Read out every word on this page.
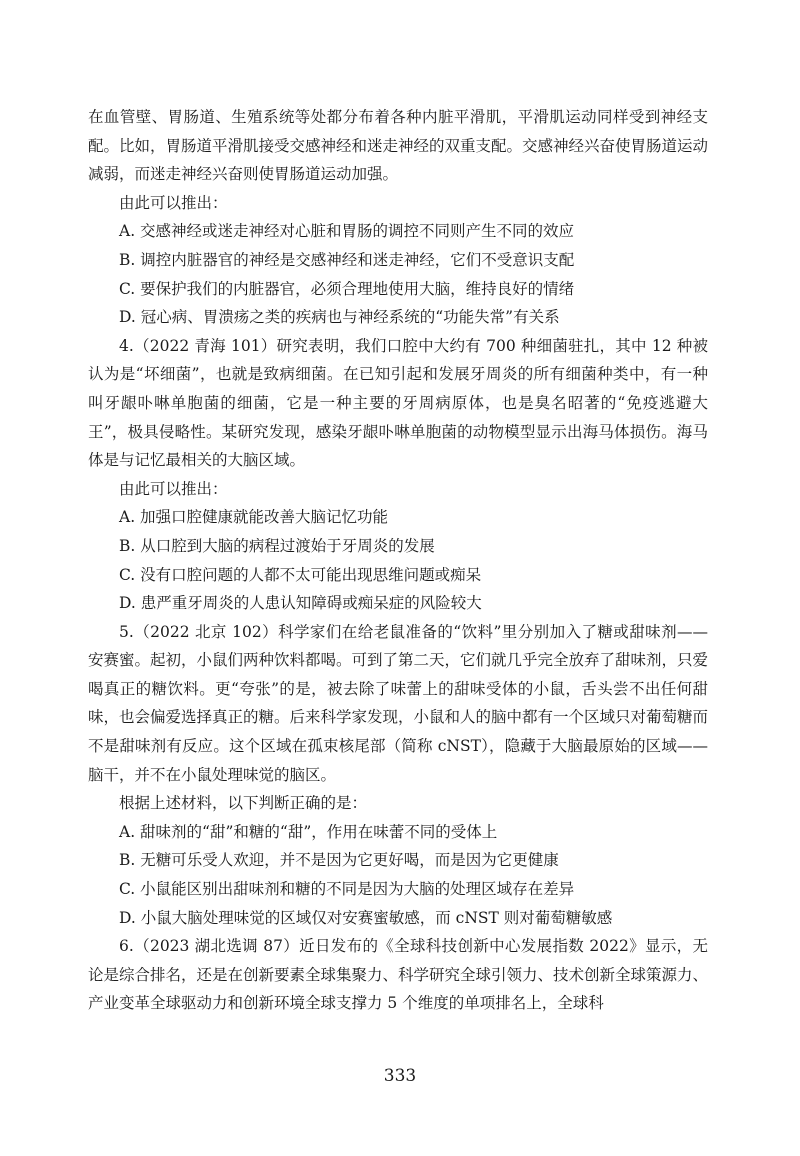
在血管壁、胃肠道、生殖系统等处都分布着各种内脏平滑肌，平滑肌运动同样受到神经支配。比如，胃肠道平滑肌接受交感神经和迷走神经的双重支配。交感神经兴奋使胃肠道运动减弱，而迷走神经兴奋则使胃肠道运动加强。

由此可以推出：

A. 交感神经或迷走神经对心脏和胃肠的调控不同则产生不同的效应

B. 调控内脏器官的神经是交感神经和迷走神经，它们不受意识支配

C. 要保护我们的内脏器官，必须合理地使用大脑，维持良好的情绪

D. 冠心病、胃溃疡之类的疾病也与神经系统的“功能失常”有关系

4.（2022 青海 101）研究表明，我们口腔中大约有 700 种细菌驻扎，其中 12 种被认为是“坏细菌”，也就是致病细菌。在已知引起和发展牙周炎的所有细菌种类中，有一种叫牙龈卟啉单胞菌的细菌，它是一种主要的牙周病原体，也是臭名昭著的“免疫逃避大王”，极具侵略性。某研究发现，感染牙龈卟啉单胞菌的动物模型显示出海马体损伤。海马体是与记忆最相关的大脑区域。

由此可以推出：

A. 加强口腔健康就能改善大脑记忆功能

B. 从口腔到大脑的病程过渡始于牙周炎的发展

C. 没有口腔问题的人都不太可能出现思维问题或痴呆

D. 患严重牙周炎的人患认知障碍或痴呆症的风险较大

5.（2022 北京 102）科学家们在给老鼠准备的“饮料”里分别加入了糖或甜味剂——安赛蜜。起初，小鼠们两种饮料都喝。可到了第二天，它们就几乎完全放弃了甜味剂，只爱喝真正的糖饮料。更“夸张”的是，被去除了味蕾上的甜味受体的小鼠，舌头尝不出任何甜味，也会偏爱选择真正的糖。后来科学家发现，小鼠和人的脑中都有一个区域只对葡萄糖而不是甜味剂有反应。这个区域在孤束核尾部（简称 cNST），隐藏于大脑最原始的区域——脑干，并不在小鼠处理味觉的脑区。

根据上述材料，以下判断正确的是：

A. 甜味剂的“甜”和糖的“甜”，作用在味蕾不同的受体上

B. 无糖可乐受人欢迎，并不是因为它更好喝，而是因为它更健康

C. 小鼠能区别出甜味剂和糖的不同是因为大脑的处理区域存在差异

D. 小鼠大脑处理味觉的区域仅对安赛蜜敏感，而 cNST 则对葡萄糖敏感

6.（2023 湖北选调 87）近日发布的《全球科技创新中心发展指数 2022》显示，无论是综合排名，还是在创新要素全球集聚力、科学研究全球引领力、技术创新全球策源力、产业变革全球驱动力和创新环境全球支撑力 5 个维度的单项排名上，全球科

333
